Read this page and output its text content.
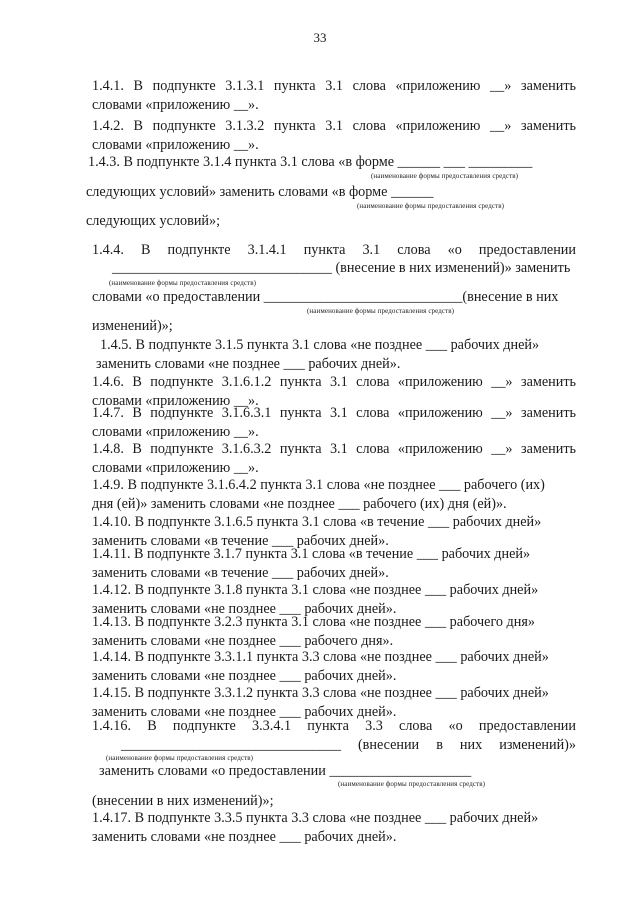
33
1.4.1. В подпункте 3.1.3.1 пункта 3.1 слова «приложению __» заменить
словами «приложению __».
1.4.2. В подпункте 3.1.3.2 пункта 3.1 слова «приложению __» заменить
словами «приложению __».
1.4.3. В подпункте 3.1.4 пункта 3.1 слова «в форме ______ ___ _________
(наименование формы предоставления средств)
следующих условий» заменить словами «в форме ______
(наименование формы предоставления средств)
следующих условий»;
1.4.4. В подпункте 3.1.4.1 пункта 3.1 слова «о предоставлении
_______________________________ (внесение в них изменений)» заменить
(наименование формы предоставления средств)
словами «о предоставлении ____________________________(внесение в них
(наименование формы предоставления средств)
изменений)»;
1.4.5. В подпункте 3.1.5 пункта 3.1 слова «не позднее ___ рабочих дней»
заменить словами «не позднее ___ рабочих дней».
1.4.6. В подпункте 3.1.6.1.2 пункта 3.1 слова «приложению __» заменить
словами «приложению __».
1.4.7. В подпункте 3.1.6.3.1 пункта 3.1 слова «приложению __» заменить
словами «приложению __».
1.4.8. В подпункте 3.1.6.3.2 пункта 3.1 слова «приложению __» заменить
словами «приложению __».
1.4.9. В подпункте 3.1.6.4.2 пункта 3.1 слова «не позднее ___ рабочего (их)
дня (ей)» заменить словами «не позднее ___ рабочего (их) дня (ей)».
1.4.10. В подпункте 3.1.6.5 пункта 3.1 слова «в течение ___ рабочих дней»
заменить словами «в течение ___ рабочих дней».
1.4.11. В подпункте 3.1.7 пункта 3.1 слова «в течение ___ рабочих дней»
заменить словами «в течение ___ рабочих дней».
1.4.12. В подпункте 3.1.8 пункта 3.1 слова «не позднее ___ рабочих дней»
заменить словами «не позднее ___ рабочих дней».
1.4.13. В подпункте 3.2.3 пункта 3.1 слова «не позднее ___ рабочего дня»
заменить словами «не позднее ___ рабочего дня».
1.4.14. В подпункте 3.3.1.1 пункта 3.3 слова «не позднее ___ рабочих дней»
заменить словами «не позднее ___ рабочих дней».
1.4.15. В подпункте 3.3.1.2 пункта 3.3 слова «не позднее ___ рабочих дней»
заменить словами «не позднее ___ рабочих дней».
1.4.16. В подпункте 3.3.4.1 пункта 3.3 слова «о предоставлении
_______________________________ (внесении в них изменений)»
(наименование формы предоставления средств)
заменить словами «о предоставлении ____________________
(наименование формы предоставления средств)
(внесении в них изменений)»;
1.4.17. В подпункте 3.3.5 пункта 3.3 слова «не позднее ___ рабочих дней»
заменить словами «не позднее ___ рабочих дней».
